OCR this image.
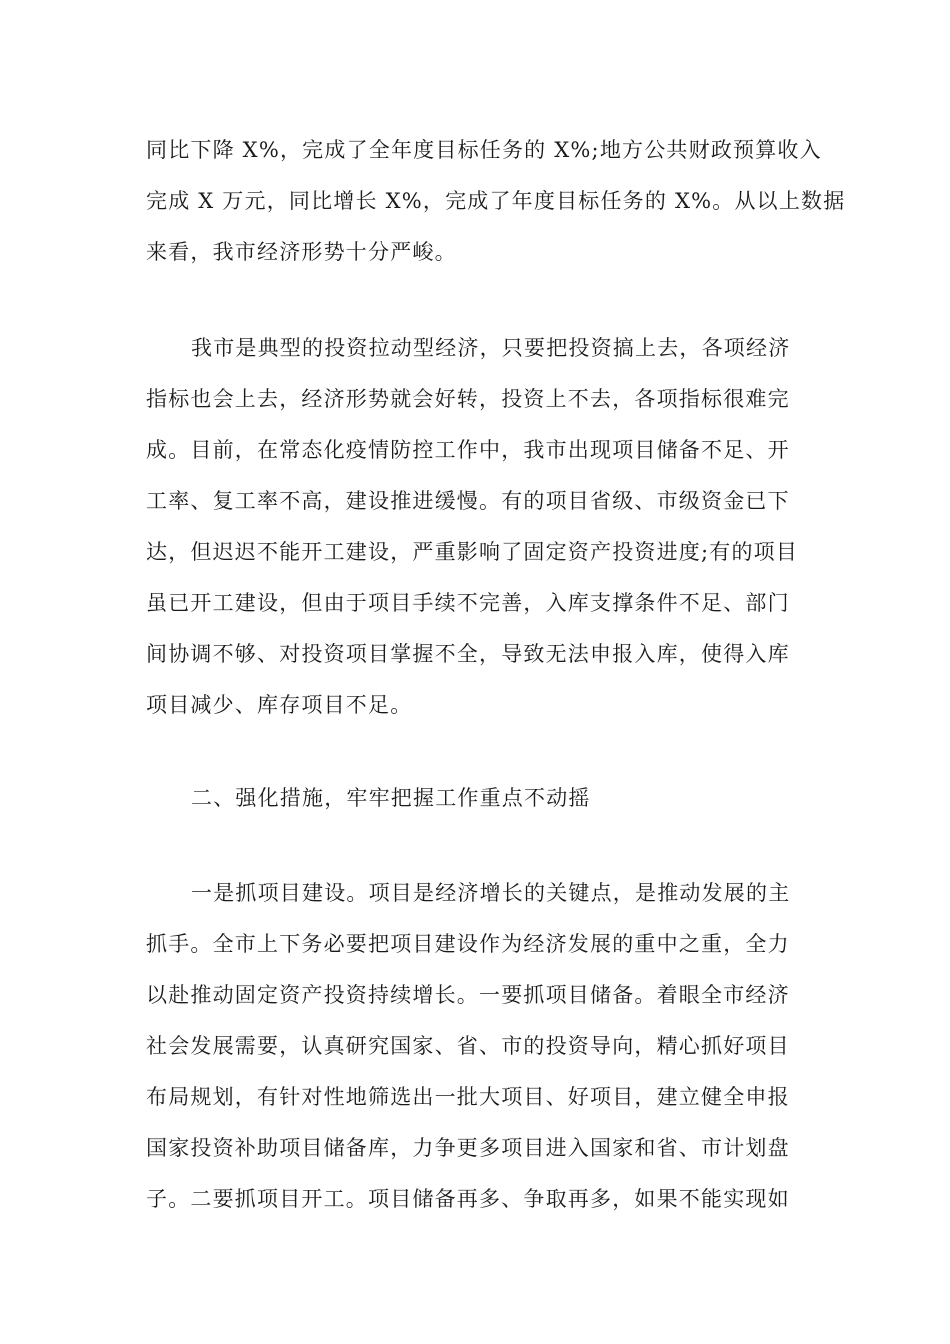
同比下降 X%，完成了全年度目标任务的 X%;地方公共财政预算收入
完成 X 万元，同比增长 X%，完成了年度目标任务的 X%。从以上数据
来看，我市经济形势十分严峻。
我市是典型的投资拉动型经济，只要把投资搞上去，各项经济
指标也会上去，经济形势就会好转，投资上不去，各项指标很难完
成。目前，在常态化疫情防控工作中，我市出现项目储备不足、开
工率、复工率不高，建设推进缓慢。有的项目省级、市级资金已下
达，但迟迟不能开工建设，严重影响了固定资产投资进度;有的项目
虽已开工建设，但由于项目手续不完善，入库支撑条件不足、部门
间协调不够、对投资项目掌握不全，导致无法申报入库，使得入库
项目减少、库存项目不足。
二、强化措施，牢牢把握工作重点不动摇
一是抓项目建设。项目是经济增长的关键点，是推动发展的主
抓手。全市上下务必要把项目建设作为经济发展的重中之重，全力
以赴推动固定资产投资持续增长。一要抓项目储备。着眼全市经济
社会发展需要，认真研究国家、省、市的投资导向，精心抓好项目
布局规划，有针对性地筛选出一批大项目、好项目，建立健全申报
国家投资补助项目储备库，力争更多项目进入国家和省、市计划盘
子。二要抓项目开工。项目储备再多、争取再多，如果不能实现如
